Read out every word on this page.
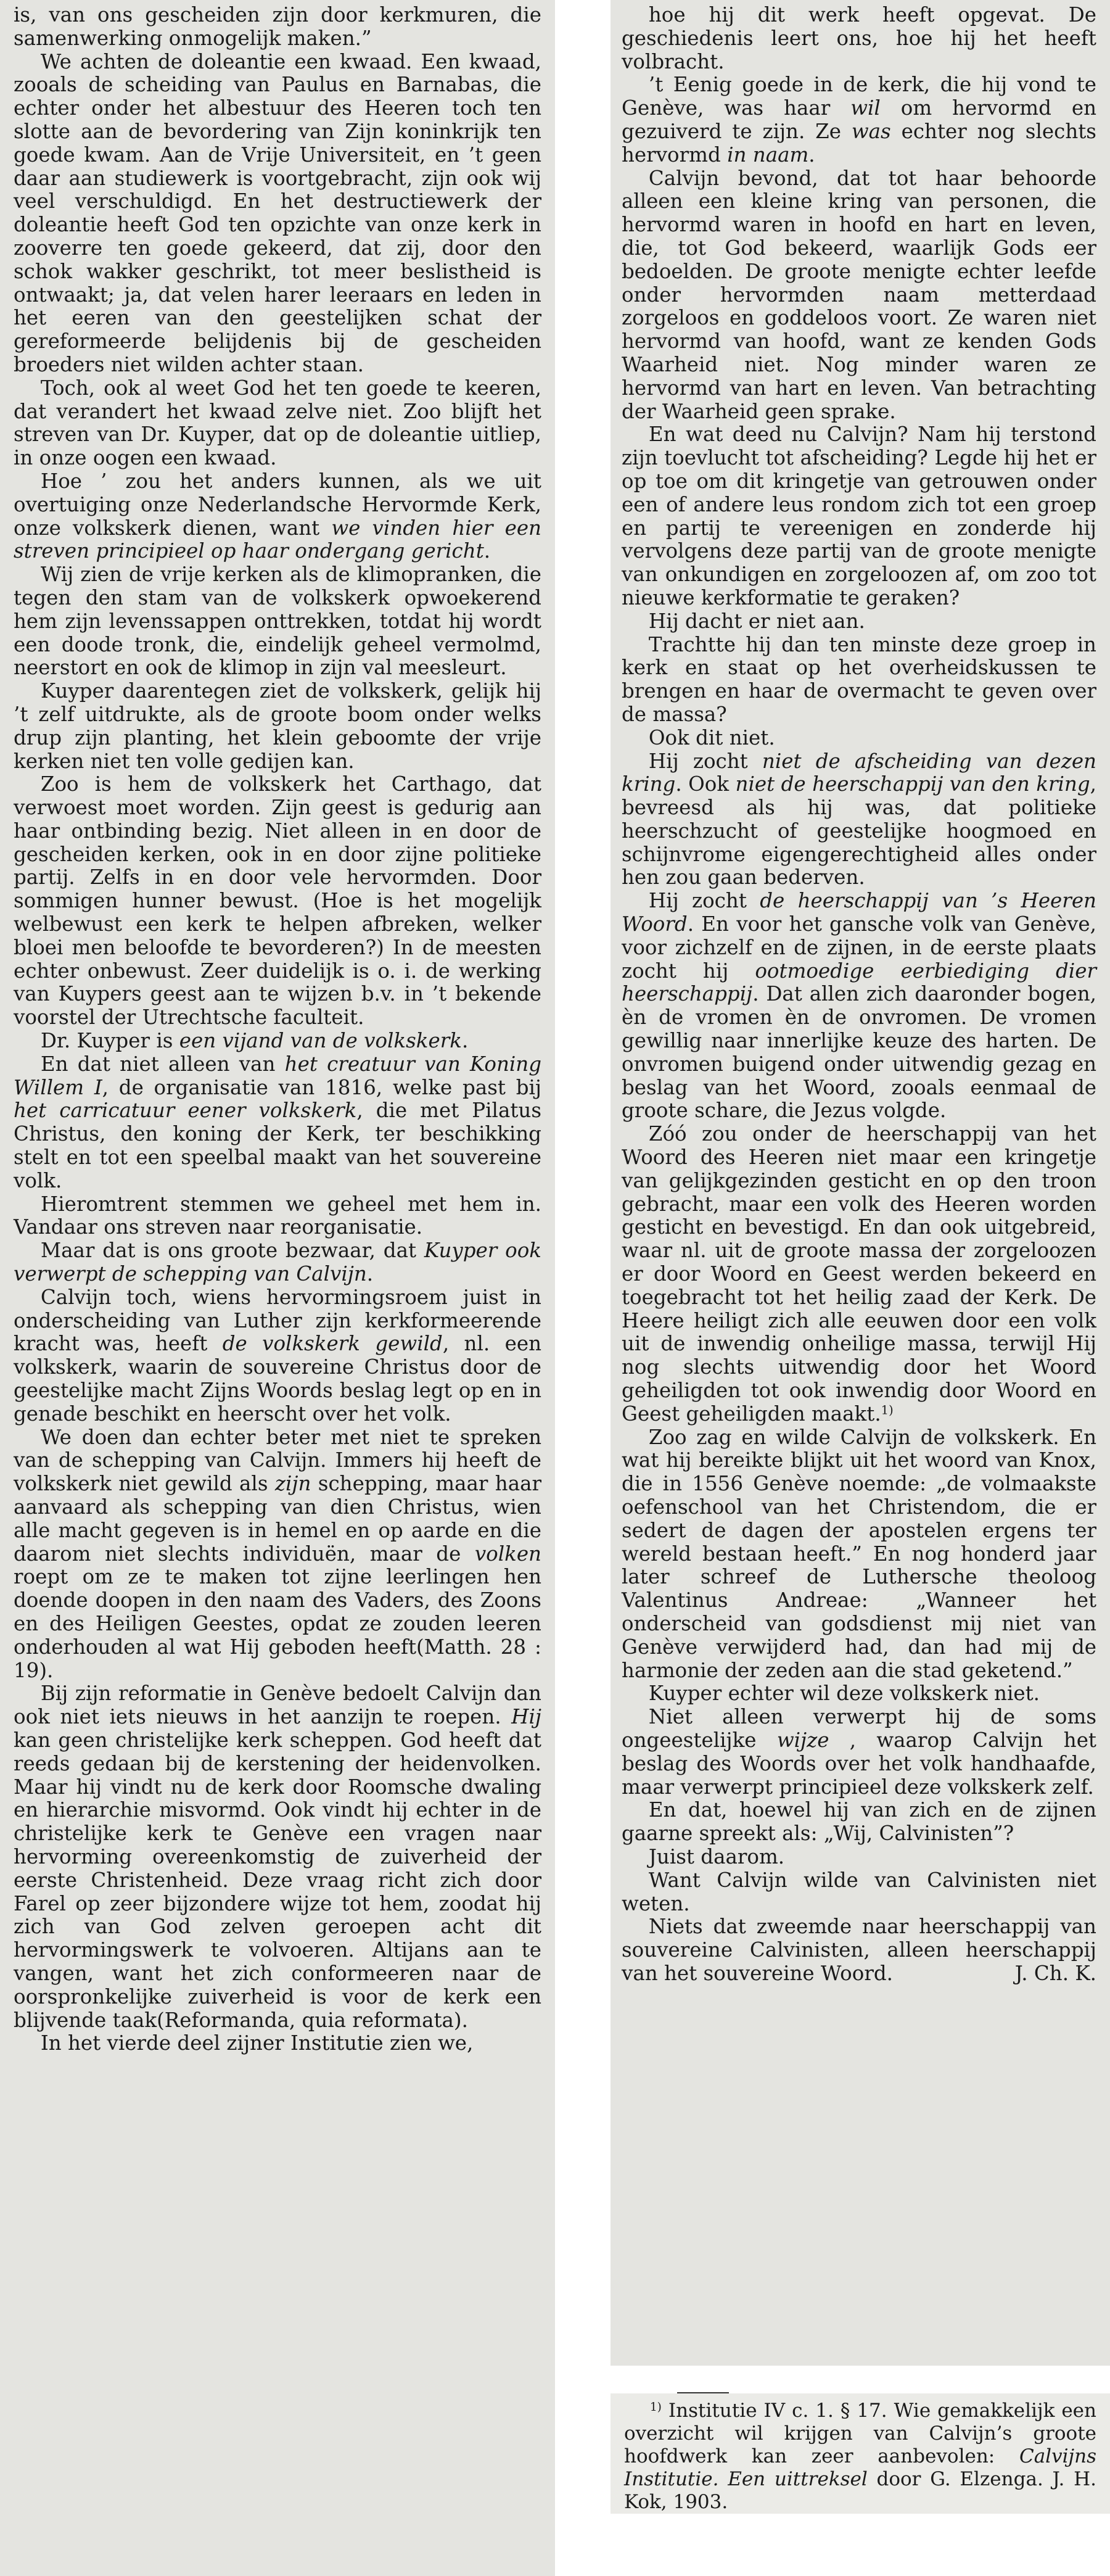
is, van ons gescheiden zijn door kerkmuren, die samenwerking onmogelijk maken.”

We achten de doleantie een kwaad. Een kwaad, zooals de scheiding van Paulus en Barnabas, die echter onder het albestuur des Heeren toch ten slotte aan de bevordering van Zijn koninkrijk ten goede kwam. Aan de Vrije Universiteit, en ’t geen daar aan studiewerk is voortgebracht, zijn ook wij veel verschuldigd. En het destructiewerk der doleantie heeft God ten opzichte van onze kerk in zooverre ten goede gekeerd, dat zij, door den schok wakker geschrikt, tot meer beslistheid is ontwaakt; ja, dat velen harer leeraars en leden in het eeren van den geestelijken schat der gereformeerde belijdenis bij de gescheiden broeders niet wilden achter staan.

Toch, ook al weet God het ten goede te keeren, dat verandert het kwaad zelve niet. Zoo blijft het streven van Dr. Kuyper, dat op de doleantie uitliep, in onze oogen een kwaad.

Hoe ’ zou het anders kunnen, als we uit overtuiging onze Nederlandsche Hervormde Kerk, onze volkskerk dienen, want we vinden hier een streven principieel op haar ondergang gericht.

Wij zien de vrije kerken als de klimopranken, die tegen den stam van de volkskerk opwoekerend hem zijn levenssappen onttrekken, totdat hij wordt een doode tronk, die, eindelijk geheel vermolmd, neerstort en ook de klimop in zijn val meesleurt.

Kuyper daarentegen ziet de volkskerk, gelijk hij ’t zelf uitdrukte, als de groote boom onder welks drup zijn planting, het klein geboomte der vrije kerken niet ten volle gedijen kan.

Zoo is hem de volkskerk het Carthago, dat verwoest moet worden. Zijn geest is gedurig aan haar ontbinding bezig. Niet alleen in en door de gescheiden kerken, ook in en door zijne politieke partij. Zelfs in en door vele hervormden. Door sommigen hunner bewust. (Hoe is het mogelijk welbewust een kerk te helpen afbreken, welker bloei men beloofde te bevorderen?) In de meesten echter onbewust. Zeer duidelijk is o. i. de werking van Kuypers geest aan te wijzen b.v. in ’t bekende voorstel der Utrechtsche faculteit.

Dr. Kuyper is een vijand van de volkskerk.

En dat niet alleen van het creatuur van Koning Willem I, de organisatie van 1816, welke past bij het carricatuur eener volkskerk, die met Pilatus Christus, den koning der Kerk, ter beschikking stelt en tot een speelbal maakt van het souvereine volk.

Hieromtrent stemmen we geheel met hem in. Vandaar ons streven naar reorganisatie.

Maar dat is ons groote bezwaar, dat Kuyper ook verwerpt de schepping van Calvijn.

Calvijn toch, wiens hervormingsroem juist in onderscheiding van Luther zijn kerkformeerende kracht was, heeft de volkskerk gewild, nl. een volkskerk, waarin de souvereine Christus door de geestelijke macht Zijns Woords beslag legt op en in genade beschikt en heerscht over het volk.

We doen dan echter beter met niet te spreken van de schepping van Calvijn. Immers hij heeft de volkskerk niet gewild als zijn schepping, maar haar aanvaard als schepping van dien Christus, wien alle macht gegeven is in hemel en op aarde en die daarom niet slechts individuën, maar de volken roept om ze te maken tot zijne leerlingen hen doende doopen in den naam des Vaders, des Zoons en des Heiligen Geestes, opdat ze zouden leeren onderhouden al wat Hij geboden heeft(Matth. 28 : 19).

Bij zijn reformatie in Genève bedoelt Calvijn dan ook niet iets nieuws in het aanzijn te roepen. Hij kan geen christelijke kerk scheppen. God heeft dat reeds gedaan bij de kerstening der heidenvolken. Maar hij vindt nu de kerk door Roomsche dwaling en hierarchie misvormd. Ook vindt hij echter in de christelijke kerk te Genève een vragen naar hervorming overeenkomstig de zuiverheid der eerste Christenheid. Deze vraag richt zich door Farel op zeer bijzondere wijze tot hem, zoodat hij zich van God zelven geroepen acht dit hervormingswerk te volvoeren. Altijans aan te vangen, want het zich conformeeren naar de oorspronkelijke zuiverheid is voor de kerk een blijvende taak(Reformanda, quia reformata).

In het vierde deel zijner Institutie zien we,

hoe hij dit werk heeft opgevat. De geschiedenis leert ons, hoe hij het heeft volbracht.

’t Eenig goede in de kerk, die hij vond te Genève, was haar wil om hervormd en gezuiverd te zijn. Ze was echter nog slechts hervormd in naam.

Calvijn bevond, dat tot haar behoorde alleen een kleine kring van personen, die hervormd waren in hoofd en hart en leven, die, tot God bekeerd, waarlijk Gods eer bedoelden. De groote menigte echter leefde onder hervormden naam metterdaad zorgeloos en goddeloos voort. Ze waren niet hervormd van hoofd, want ze kenden Gods Waarheid niet. Nog minder waren ze hervormd van hart en leven. Van betrachting der Waarheid geen sprake.

En wat deed nu Calvijn? Nam hij terstond zijn toevlucht tot afscheiding? Legde hij het er op toe om dit kringetje van getrouwen onder een of andere leus rondom zich tot een groep en partij te vereenigen en zonderde hij vervolgens deze partij van de groote menigte van onkundigen en zorgeloozen af, om zoo tot nieuwe kerkformatie te geraken?

Hij dacht er niet aan.

Trachtte hij dan ten minste deze groep in kerk en staat op het overheidskussen te brengen en haar de overmacht te geven over de massa?

Ook dit niet.

Hij zocht niet de afscheiding van dezen kring. Ook niet de heerschappij van den kring, bevreesd als hij was, dat politieke heerschzucht of geestelijke hoogmoed en schijnvrome eigengerechtigheid alles onder hen zou gaan bederven.

Hij zocht de heerschappij van ’s Heeren Woord. En voor het gansche volk van Genève, voor zichzelf en de zijnen, in de eerste plaats zocht hij ootmoedige eerbiediging dier heerschappij. Dat allen zich daaronder bogen, èn de vromen èn de onvromen. De vromen gewillig naar innerlijke keuze des harten. De onvromen buigend onder uitwendig gezag en beslag van het Woord, zooals eenmaal de groote schare, die Jezus volgde.

Zóó zou onder de heerschappij van het Woord des Heeren niet maar een kringetje van gelijkgezinden gesticht en op den troon gebracht, maar een volk des Heeren worden gesticht en bevestigd. En dan ook uitgebreid, waar nl. uit de groote massa der zorgeloozen er door Woord en Geest werden bekeerd en toegebracht tot het heilig zaad der Kerk. De Heere heiligt zich alle eeuwen door een volk uit de inwendig onheilige massa, terwijl Hij nog slechts uitwendig door het Woord geheiligden tot ook inwendig door Woord en Geest geheiligden maakt.$^{1)}$

Zoo zag en wilde Calvijn de volkskerk. En wat hij bereikte blijkt uit het woord van Knox, die in 1556 Genève noemde: „de volmaakste oefenschool van het Christendom, die er sedert de dagen der apostelen ergens ter wereld bestaan heeft.” En nog honderd jaar later schreef de Luthersche theoloog Valentinus Andreae: „Wanneer het onderscheid van godsdienst mij niet van Genève verwijderd had, dan had mij de harmonie der zeden aan die stad geketend.”

Kuyper echter wil deze volkskerk niet.

Niet alleen verwerpt hij de soms ongeestelijke wijze , waarop Calvijn het beslag des Woords over het volk handhaafde, maar verwerpt principieel deze volkskerk zelf.

En dat, hoewel hij van zich en de zijnen gaarne spreekt als: „Wij, Calvinisten”?

Juist daarom.

Want Calvijn wilde van Calvinisten niet weten.

Niets dat zweemde naar heerschappij van souvereine Calvinisten, alleen heerschappij van het souvereine Woord.	J. Ch. K.

$^{1)}$ Institutie IV c. 1. § 17. Wie gemakkelijk een overzicht wil krijgen van Calvijn’s groote hoofdwerk kan zeer aanbevolen: Calvijns Institutie. Een uittreksel door G. Elzenga. J. H. Kok, 1903.
